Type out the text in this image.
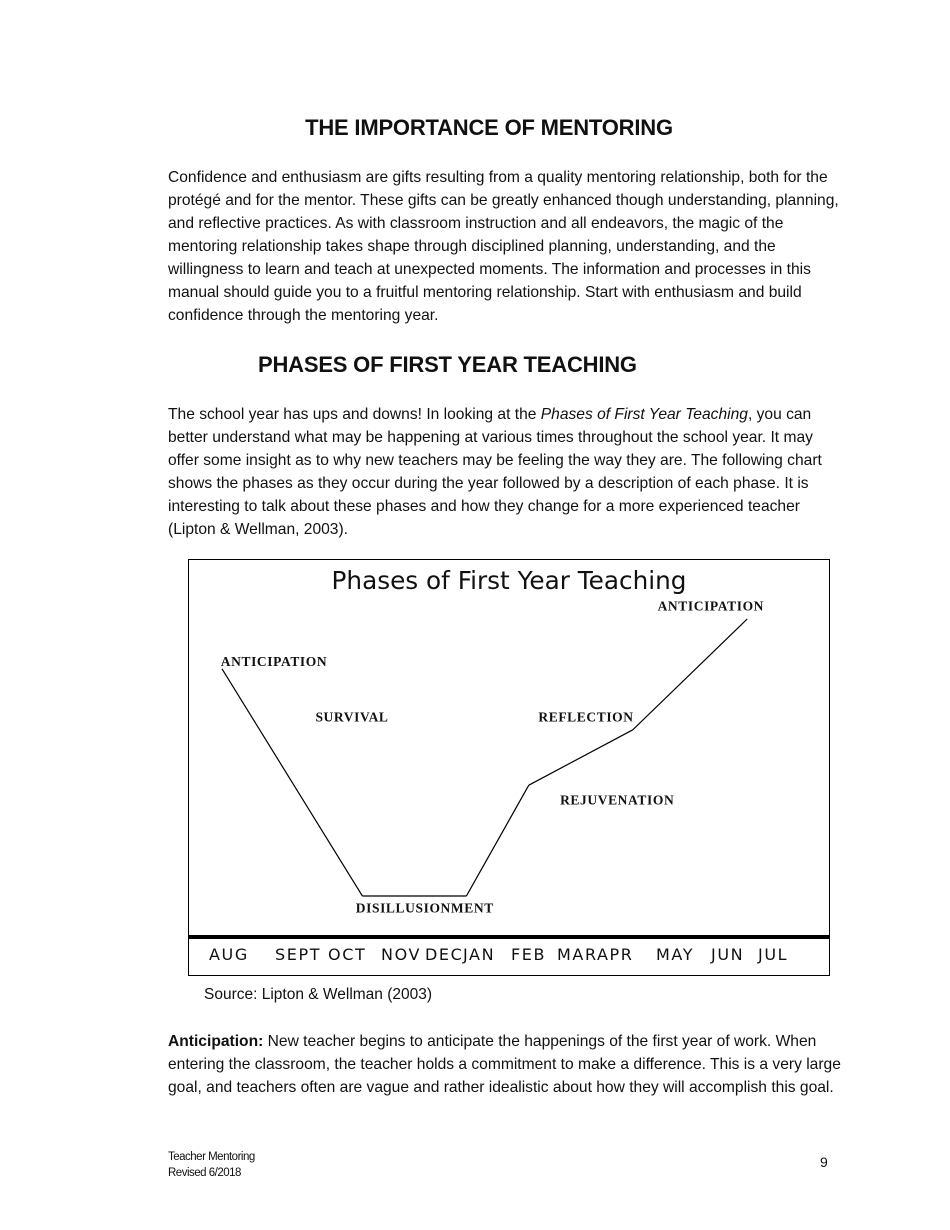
THE IMPORTANCE OF MENTORING

Confidence and enthusiasm are gifts resulting from a quality mentoring relationship, both for the protégé and for the mentor. These gifts can be greatly enhanced though understanding, planning, and reflective practices. As with classroom instruction and all endeavors, the magic of the mentoring relationship takes shape through disciplined planning, understanding, and the willingness to learn and teach at unexpected moments. The information and processes in this manual should guide you to a fruitful mentoring relationship. Start with enthusiasm and build confidence through the mentoring year.

PHASES OF FIRST YEAR TEACHING

The school year has ups and downs! In looking at the Phases of First Year Teaching, you can better understand what may be happening at various times throughout the school year. It may offer some insight as to why new teachers may be feeling the way they are. The following chart shows the phases as they occur during the year followed by a description of each phase. It is interesting to talk about these phases and how they change for a more experienced teacher (Lipton & Wellman, 2003).

Phases of First Year Teaching
ANTICIPATION
SURVIVAL
DISILLUSIONMENT
REJUVENATION
REFLECTION
ANTICIPATION
AUG SEPT OCT NOV DEC JAN FEB MAR APR MAY JUN JUL

Source: Lipton & Wellman (2003)

Anticipation: New teacher begins to anticipate the happenings of the first year of work. When entering the classroom, the teacher holds a commitment to make a difference. This is a very large goal, and teachers often are vague and rather idealistic about how they will accomplish this goal.

Teacher Mentoring
Revised 6/2018
9
